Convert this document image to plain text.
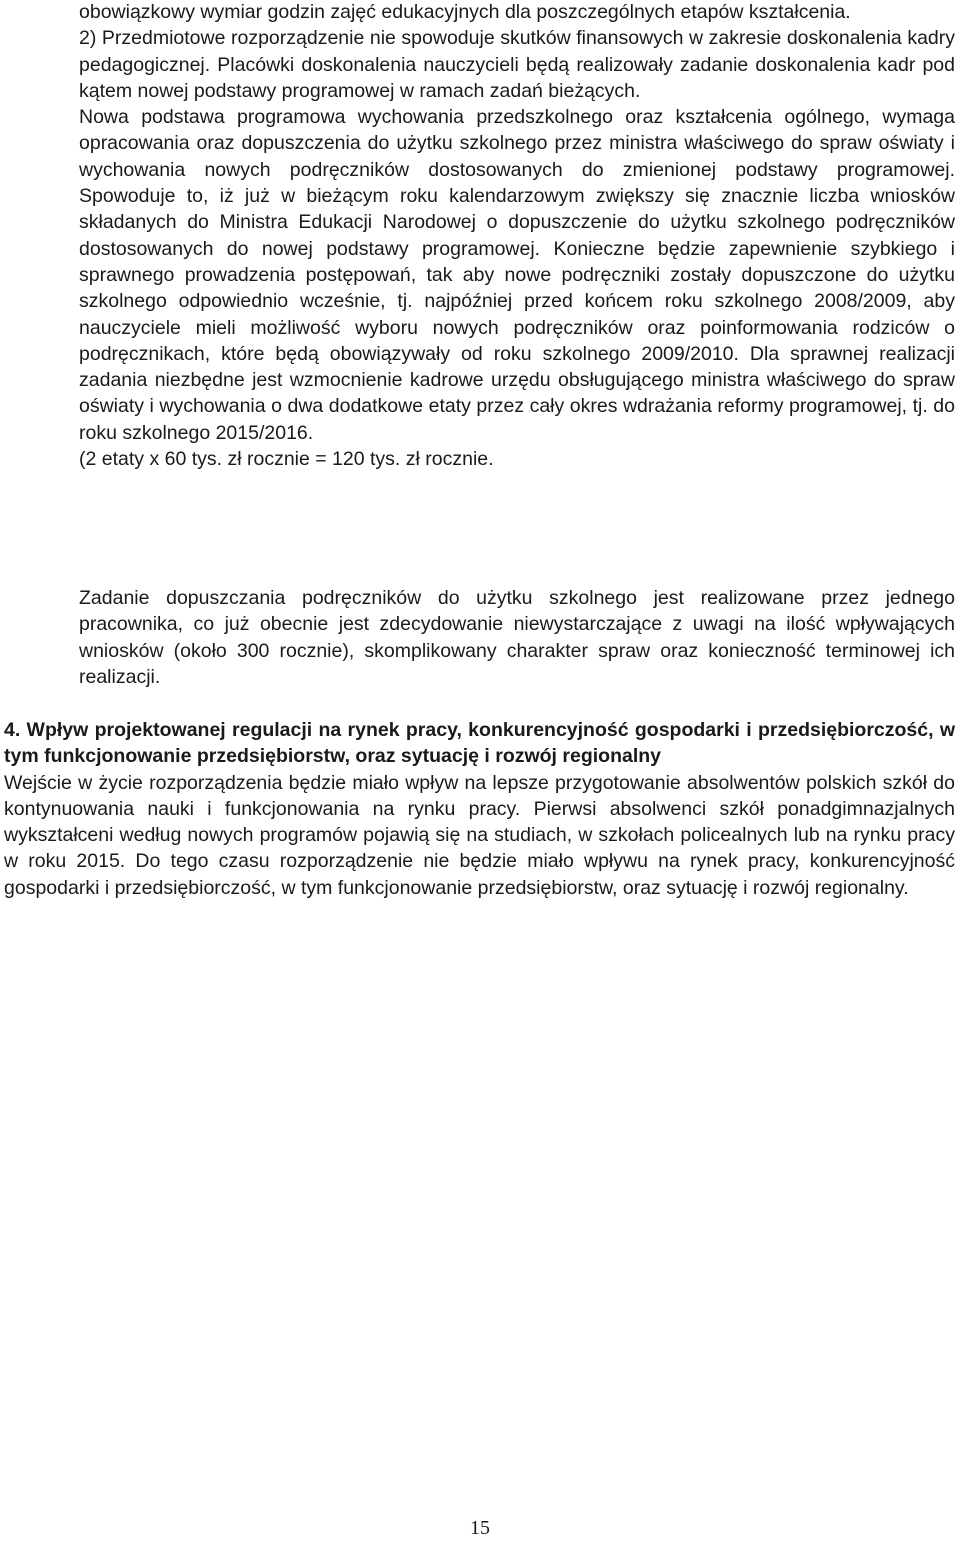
obowiązkowy wymiar godzin zajęć edukacyjnych dla poszczególnych etapów kształcenia.

2) Przedmiotowe rozporządzenie nie spowoduje skutków finansowych w zakresie doskonalenia kadry pedagogicznej. Placówki doskonalenia nauczycieli będą realizowały zadanie doskonalenia kadr pod kątem nowej podstawy programowej w ramach zadań bieżących.

Nowa podstawa programowa wychowania przedszkolnego oraz kształcenia ogólnego, wymaga opracowania oraz dopuszczenia do użytku szkolnego przez ministra właściwego do spraw oświaty i wychowania nowych podręczników dostosowanych do zmienionej podstawy programowej. Spowoduje to, iż już w bieżącym roku kalendarzowym zwiększy się znacznie liczba wniosków składanych do Ministra Edukacji Narodowej o dopuszczenie do użytku szkolnego podręczników dostosowanych do nowej podstawy programowej. Konieczne będzie zapewnienie szybkiego i sprawnego prowadzenia postępowań, tak aby nowe podręczniki zostały dopuszczone do użytku szkolnego odpowiednio wcześnie, tj. najpóźniej przed końcem roku szkolnego 2008/2009, aby nauczyciele mieli możliwość wyboru nowych podręczników oraz poinformowania rodziców o podręcznikach, które będą obowiązywały od roku szkolnego 2009/2010. Dla sprawnej realizacji zadania niezbędne jest wzmocnienie kadrowe urzędu obsługującego ministra właściwego do spraw oświaty i wychowania o dwa dodatkowe etaty przez cały okres wdrażania reformy programowej, tj. do roku szkolnego 2015/2016.

(2 etaty x 60 tys. zł rocznie = 120 tys. zł rocznie.

Zadanie dopuszczania podręczników do użytku szkolnego jest realizowane przez jednego pracownika, co już obecnie jest zdecydowanie niewystarczające z uwagi na ilość wpływających wniosków (około 300 rocznie), skomplikowany charakter spraw oraz konieczność terminowej ich realizacji.

4. Wpływ projektowanej regulacji na rynek pracy, konkurencyjność gospodarki i przedsiębiorczość, w tym funkcjonowanie przedsiębiorstw, oraz sytuację i rozwój regionalny

Wejście w życie rozporządzenia będzie miało wpływ na lepsze przygotowanie absolwentów polskich szkół do kontynuowania nauki i funkcjonowania na rynku pracy. Pierwsi absolwenci szkół ponadgimnazjalnych wykształceni według nowych programów pojawią się na studiach, w szkołach policealnych lub na rynku pracy w roku 2015. Do tego czasu rozporządzenie nie będzie miało wpływu na rynek pracy, konkurencyjność gospodarki i przedsiębiorczość, w tym funkcjonowanie przedsiębiorstw, oraz sytuację i rozwój regionalny.

15
